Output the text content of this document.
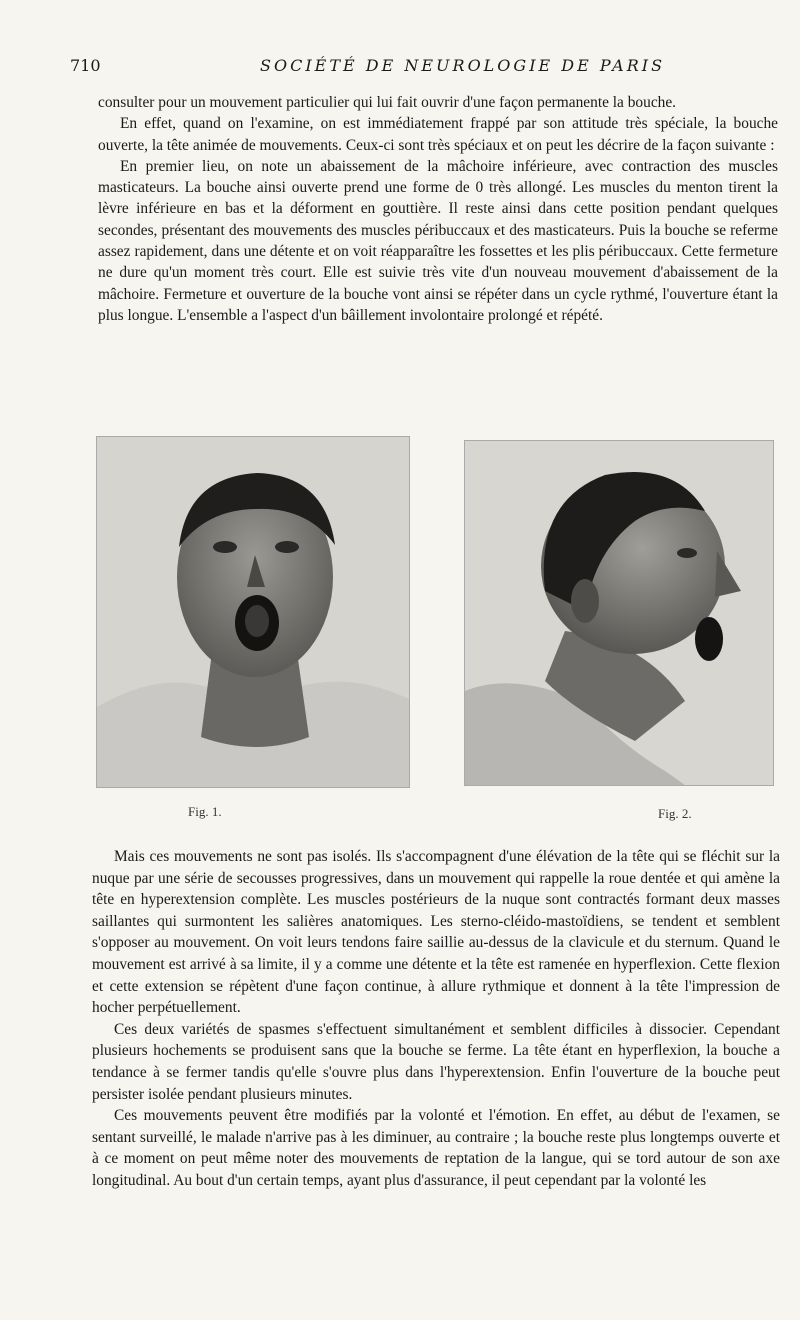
710	SOCIÉTÉ DE NEUROLOGIE DE PARIS

consulter pour un mouvement particulier qui lui fait ouvrir d'une façon permanente la bouche.

En effet, quand on l'examine, on est immédiatement frappé par son attitude très spéciale, la bouche ouverte, la tête animée de mouvements. Ceux-ci sont très spéciaux et on peut les décrire de la façon suivante :

En premier lieu, on note un abaissement de la mâchoire inférieure, avec contraction des muscles masticateurs. La bouche ainsi ouverte prend une forme de 0 très allongé. Les muscles du menton tirent la lèvre inférieure en bas et la déforment en gouttière. Il reste ainsi dans cette position pendant quelques secondes, présentant des mouvements des muscles péribuccaux et des masticateurs. Puis la bouche se referme assez rapidement, dans une détente et on voit réapparaître les fossettes et les plis péribuccaux. Cette fermeture ne dure qu'un moment très court. Elle est suivie très vite d'un nouveau mouvement d'abaissement de la mâchoire. Fermeture et ouverture de la bouche vont ainsi se répéter dans un cycle rythmé, l'ouverture étant la plus longue. L'ensemble a l'aspect d'un bâillement involontaire prolongé et répété.

Fig. 1.	Fig. 2.

Mais ces mouvements ne sont pas isolés. Ils s'accompagnent d'une élévation de la tête qui se fléchit sur la nuque par une série de secousses progressives, dans un mouvement qui rappelle la roue dentée et qui amène la tête en hyperextension complète. Les muscles postérieurs de la nuque sont contractés formant deux masses saillantes qui surmontent les salières anatomiques. Les sterno-cléido-mastoïdiens, se tendent et semblent s'opposer au mouvement. On voit leurs tendons faire saillie au-dessus de la clavicule et du sternum. Quand le mouvement est arrivé à sa limite, il y a comme une détente et la tête est ramenée en hyperflexion. Cette flexion et cette extension se répètent d'une façon continue, à allure rythmique et donnent à la tête l'impression de hocher perpétuellement.

Ces deux variétés de spasmes s'effectuent simultanément et semblent difficiles à dissocier. Cependant plusieurs hochements se produisent sans que la bouche se ferme. La tête étant en hyperflexion, la bouche a tendance à se fermer tandis qu'elle s'ouvre plus dans l'hyperextension. Enfin l'ouverture de la bouche peut persister isolée pendant plusieurs minutes.

Ces mouvements peuvent être modifiés par la volonté et l'émotion. En effet, au début de l'examen, se sentant surveillé, le malade n'arrive pas à les diminuer, au contraire ; la bouche reste plus longtemps ouverte et à ce moment on peut même noter des mouvements de reptation de la langue, qui se tord autour de son axe longitudinal. Au bout d'un certain temps, ayant plus d'assurance, il peut cependant par la volonté les
